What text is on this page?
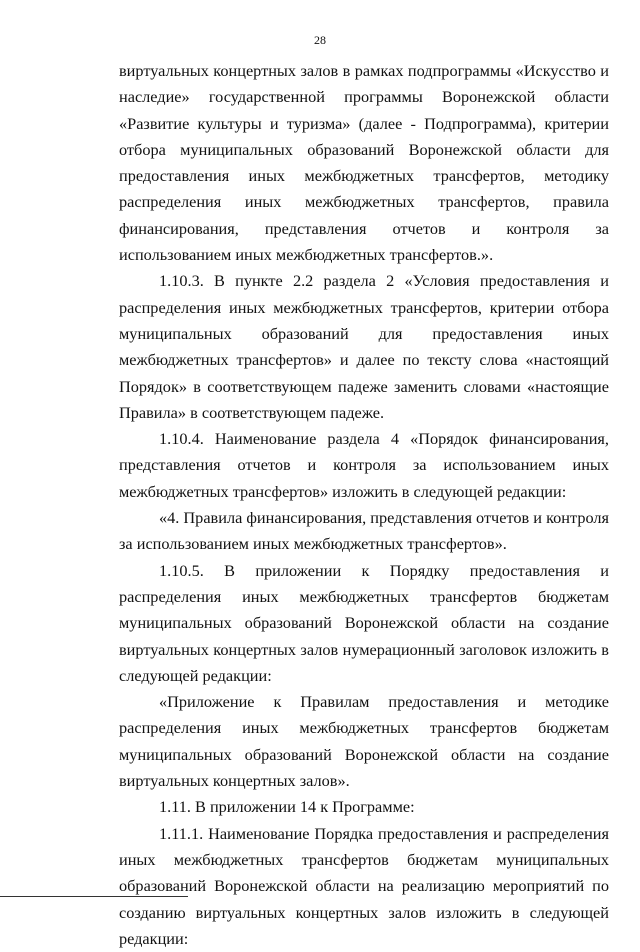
28

виртуальных концертных залов в рамках подпрограммы «Искусство и наследие» государственной программы Воронежской области «Развитие культуры и туризма» (далее - Подпрограмма), критерии отбора муниципальных образований Воронежской области для предоставления иных межбюджетных трансфертов, методику распределения иных межбюджетных трансфертов, правила финансирования, представления отчетов и контроля за использованием иных межбюджетных трансфертов.».

1.10.3. В пункте 2.2 раздела 2 «Условия предоставления и распределения иных межбюджетных трансфертов, критерии отбора муниципальных образований для предоставления иных межбюджетных трансфертов» и далее по тексту слова «настоящий Порядок» в соответствующем падеже заменить словами «настоящие Правила» в соответствующем падеже.

1.10.4. Наименование раздела 4 «Порядок финансирования, представления отчетов и контроля за использованием иных межбюджетных трансфертов» изложить в следующей редакции:

«4. Правила финансирования, представления отчетов и контроля за использованием иных межбюджетных трансфертов».

1.10.5. В приложении к Порядку предоставления и распределения иных межбюджетных трансфертов бюджетам муниципальных образований Воронежской области на создание виртуальных концертных залов нумерационный заголовок изложить в следующей редакции:

«Приложение к Правилам предоставления и методике распределения иных межбюджетных трансфертов бюджетам муниципальных образований Воронежской области на создание виртуальных концертных залов».

1.11. В приложении 14 к Программе:

1.11.1. Наименование Порядка предоставления и распределения иных межбюджетных трансфертов бюджетам муниципальных образований Воронежской области на реализацию мероприятий по созданию виртуальных концертных залов изложить в следующей редакции:
